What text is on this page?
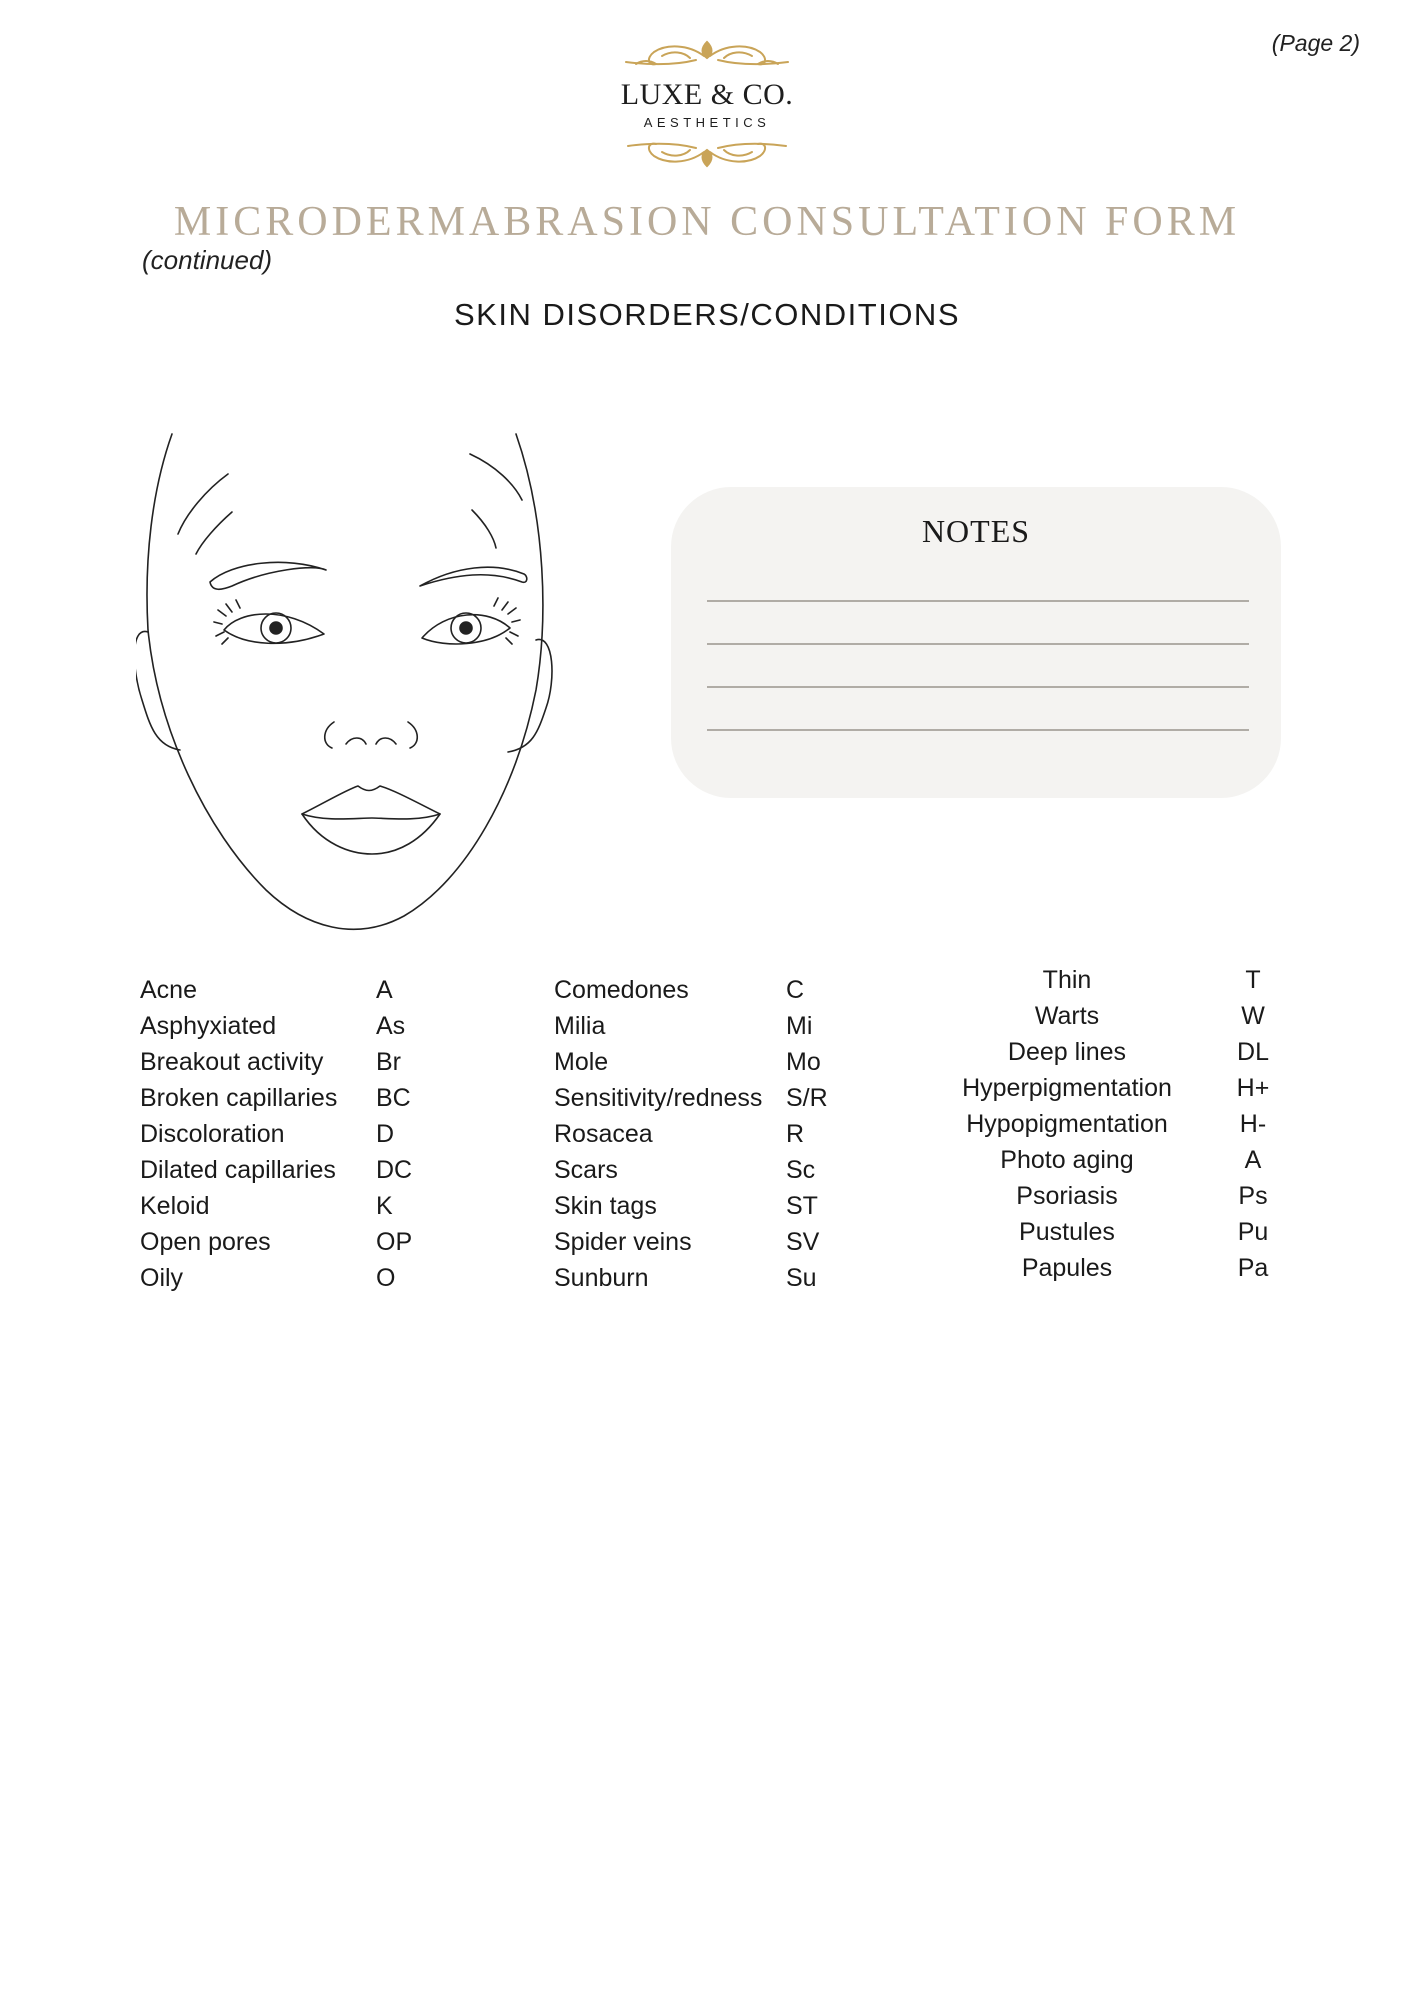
(Page 2)
LUXE & CO.
AESTHETICS
MICRODERMABRASION CONSULTATION FORM
(continued)
SKIN DISORDERS/CONDITIONS
NOTES
Acne	A
Asphyxiated	As
Breakout activity Br
Broken capillaries BC
Discoloration	D
Dilated capillaries DC
Keloid	K
Open pores	OP
Oily	O
Comedones	C
Milia	Mi
Mole	Mo
Sensitivity/redness S/R
Rosacea	R
Scars	Sc
Skin tags	ST
Spider veins	SV
Sunburn	Su
Thin	T
Warts	W
Deep lines	DL
Hyperpigmentation	H+
Hypopigmentation	H-
Photo aging	A
Psoriasis	Ps
Pustules	Pu
Papules	Pa
